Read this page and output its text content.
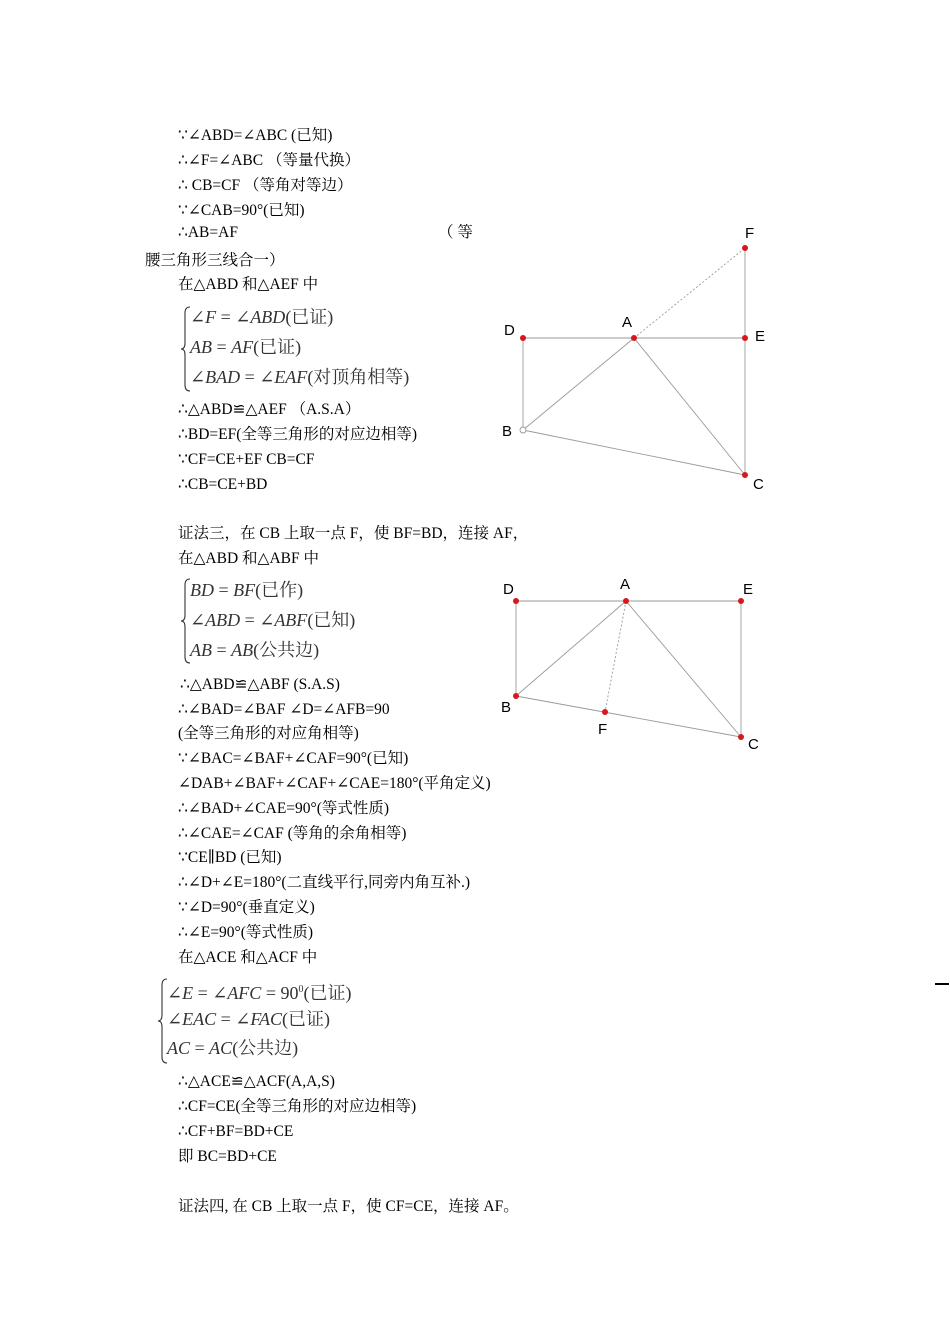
∵∠ABD=∠ABC (已知)
∴∠F=∠ABC （等量代换）
∴ CB=CF （等角对等边）
∵∠CAB=90°(已知)
∴AB=AF	（ 等
腰三角形三线合一）
在△ABD 和△AEF 中
∠F = ∠ABD(已证)
AB = AF(已证)
∠BAD = ∠EAF(对顶角相等)
∴△ABD≌△AEF （A.S.A）
∴BD=EF(全等三角形的对应边相等)
∵CF=CE+EF CB=CF
∴CB=CE+BD
证法三，在 CB 上取一点 F，使 BF=BD，连接 AF，
在△ABD 和△ABF 中
BD = BF(已作)
∠ABD = ∠ABF(已知)
AB = AB(公共边)
∴△ABD≌△ABF (S.A.S)
∴∠BAD=∠BAF ∠D=∠AFB=90
(全等三角形的对应角相等)
∵∠BAC=∠BAF+∠CAF=90°(已知)
∠DAB+∠BAF+∠CAF+∠CAE=180°(平角定义)
∴∠BAD+∠CAE=90°(等式性质)
∴∠CAE=∠CAF (等角的余角相等)
∵CE∥BD (已知)
∴∠D+∠E=180°(二直线平行,同旁内角互补.)
∵∠D=90°(垂直定义)
∴∠E=90°(等式性质)
在△ACE 和△ACF 中
∠E = ∠AFC = $90^0$(已证)
∠EAC = ∠FAC(已证)
AC = AC(公共边)
∴△ACE≌△ACF(A,A,S)
∴CF=CE(全等三角形的对应边相等)
∴CF+BF=BD+CE
即 BC=BD+CE
证法四, 在 CB 上取一点 F，使 CF=CE，连接 AF。
F
D	A
E
B
C
D	A	E
B
F
C
